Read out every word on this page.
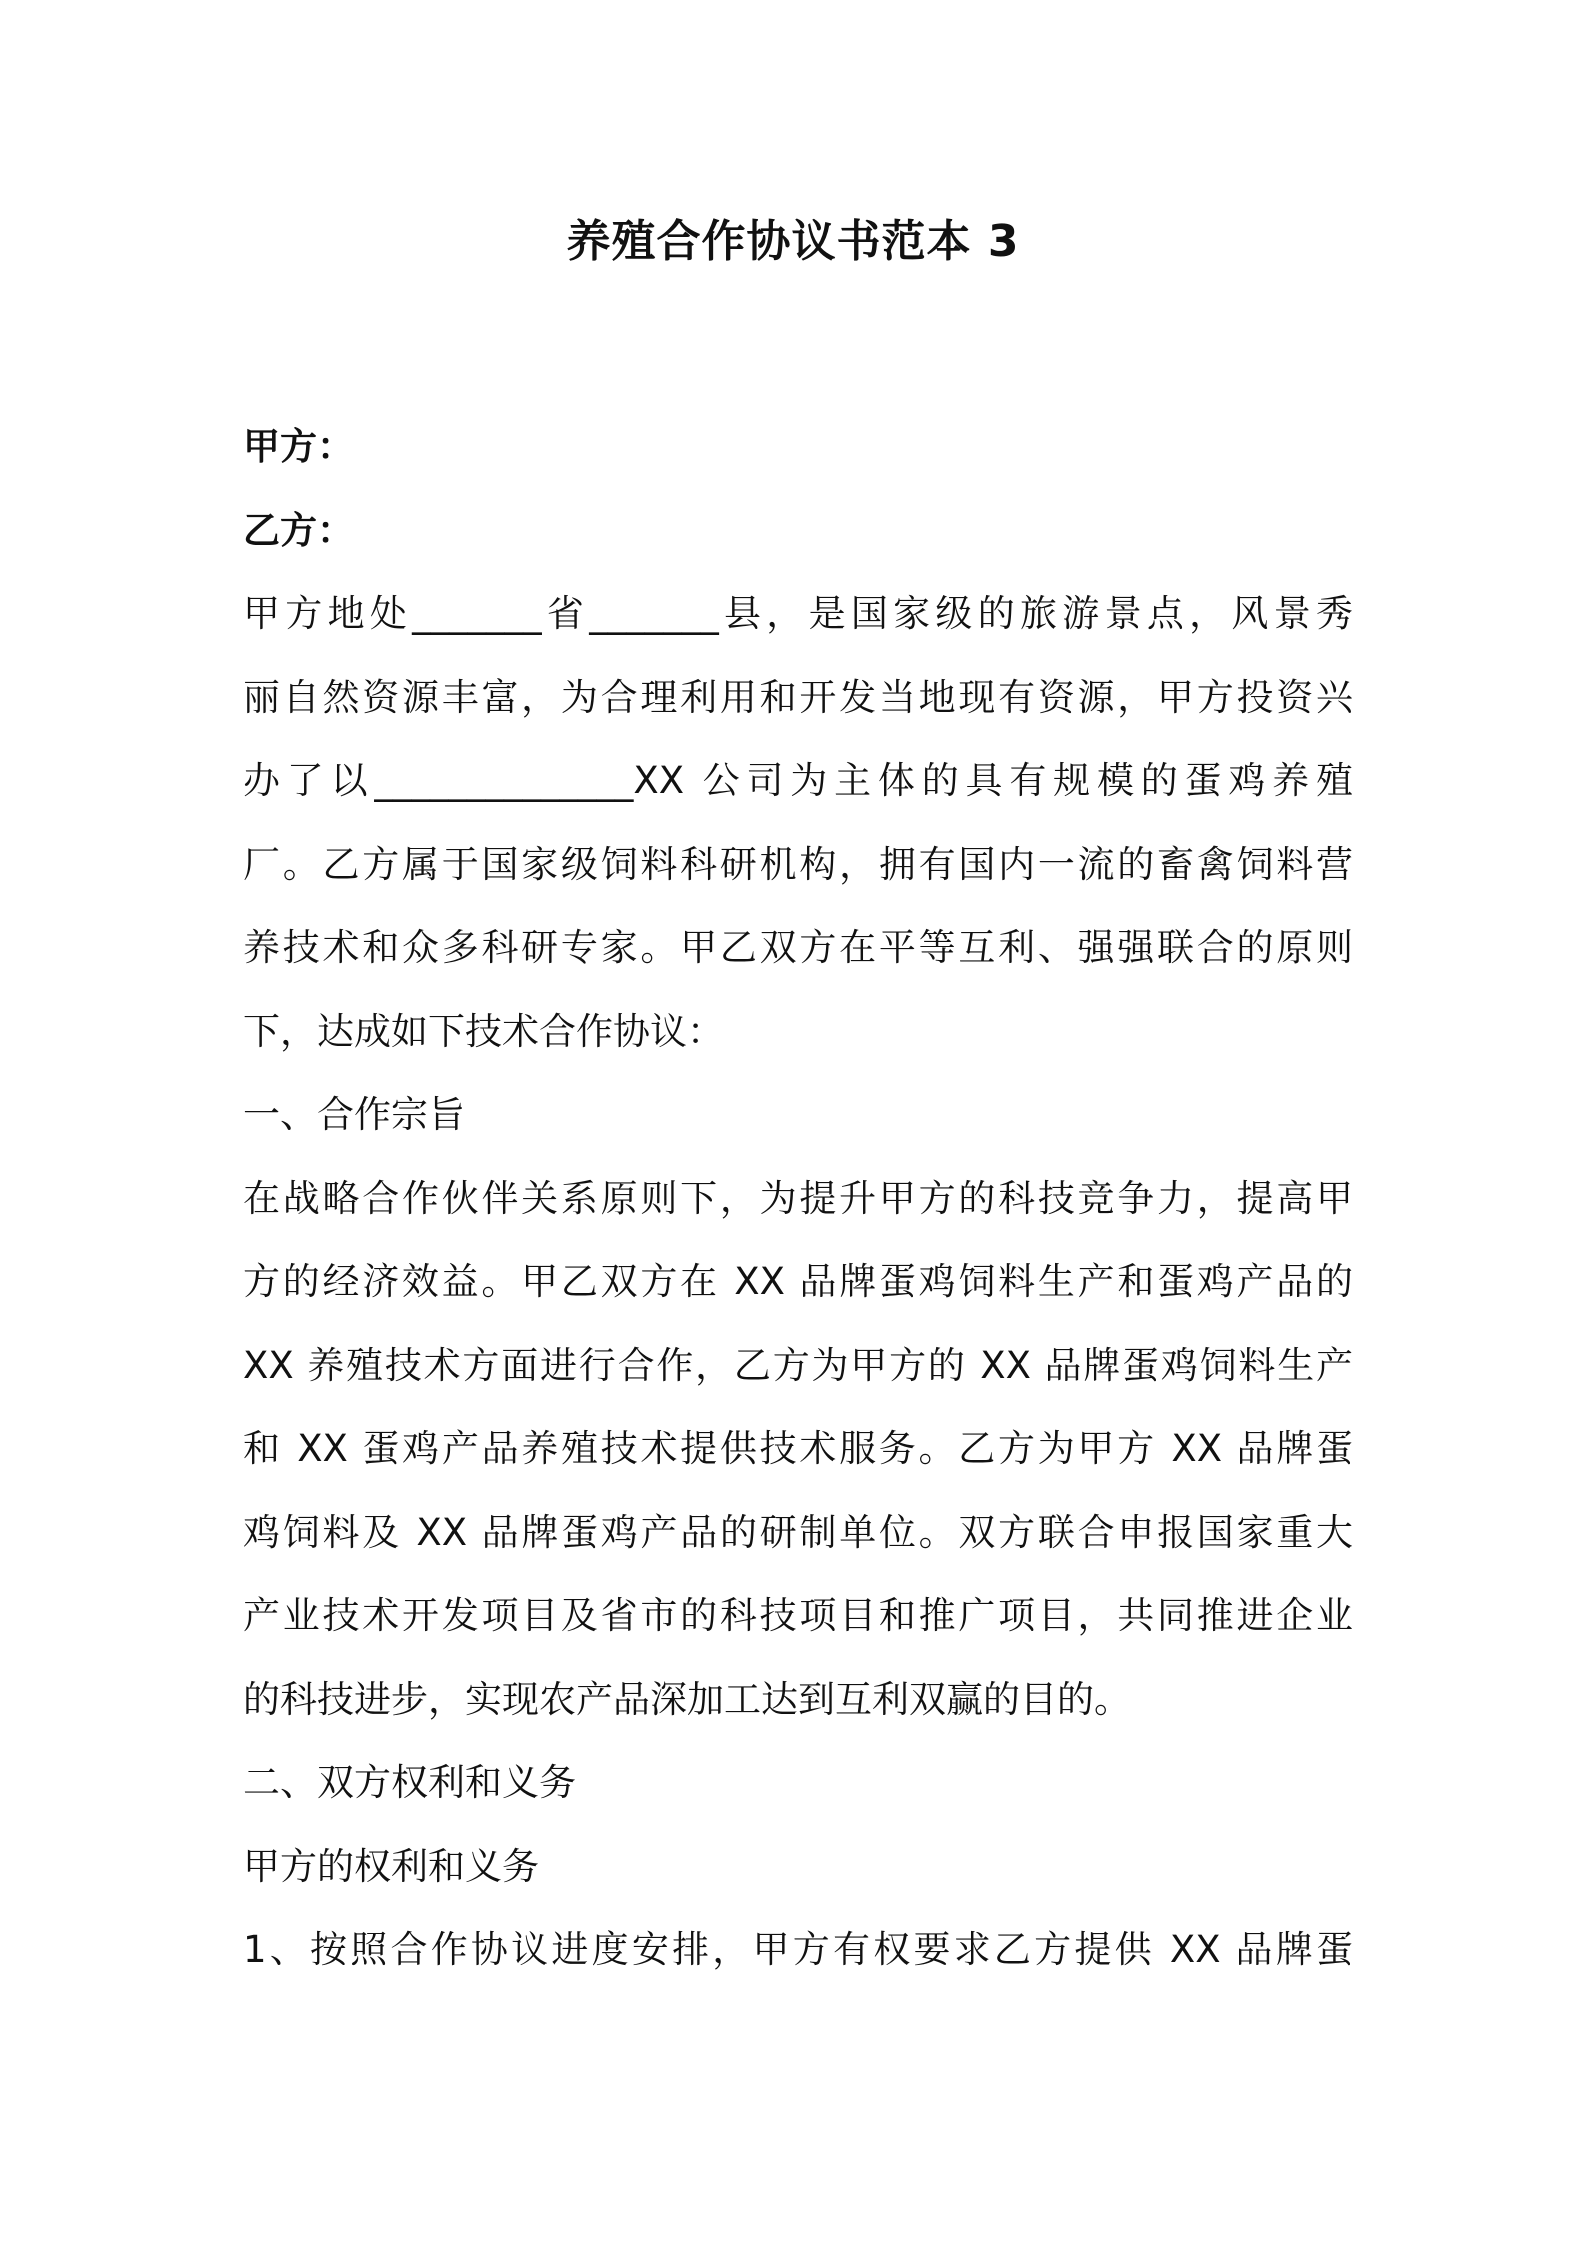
养殖合作协议书范本 3
甲方：
乙方：
甲方地处_______省_______县，是国家级的旅游景点，风景秀
丽自然资源丰富，为合理利用和开发当地现有资源，甲方投资兴
办了以______________XX 公司为主体的具有规模的蛋鸡养殖
厂。乙方属于国家级饲料科研机构，拥有国内一流的畜禽饲料营
养技术和众多科研专家。甲乙双方在平等互利、强强联合的原则
下，达成如下技术合作协议：
一、合作宗旨
在战略合作伙伴关系原则下，为提升甲方的科技竞争力，提高甲
方的经济效益。甲乙双方在 XX 品牌蛋鸡饲料生产和蛋鸡产品的
XX 养殖技术方面进行合作，乙方为甲方的 XX 品牌蛋鸡饲料生产
和 XX 蛋鸡产品养殖技术提供技术服务。乙方为甲方 XX 品牌蛋
鸡饲料及 XX 品牌蛋鸡产品的研制单位。双方联合申报国家重大
产业技术开发项目及省市的科技项目和推广项目，共同推进企业
的科技进步，实现农产品深加工达到互利双赢的目的。
二、双方权利和义务
甲方的权利和义务
1、按照合作协议进度安排，甲方有权要求乙方提供 XX 品牌蛋
